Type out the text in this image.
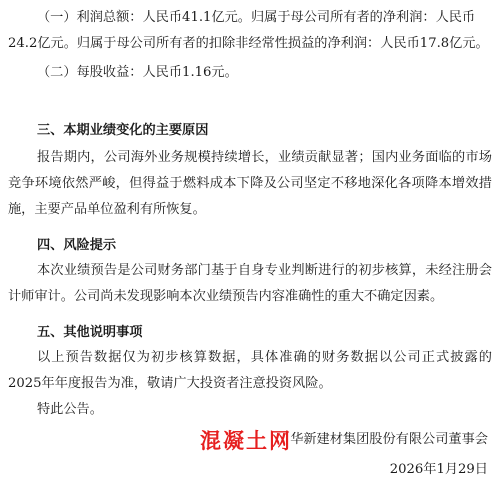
（一）利润总额：人民币41.1亿元。归属于母公司所有者的净利润：人民币

24.2亿元。归属于母公司所有者的扣除非经常性损益的净利润：人民币17.8亿元。

（二）每股收益：人民币1.16元。

三、本期业绩变化的主要原因

报告期内，公司海外业务规模持续增长，业绩贡献显著；国内业务面临的市场竞争环境依然严峻，但得益于燃料成本下降及公司坚定不移地深化各项降本增效措施，主要产品单位盈利有所恢复。

四、风险提示

本次业绩预告是公司财务部门基于自身专业判断进行的初步核算，未经注册会计师审计。公司尚未发现影响本次业绩预告内容准确性的重大不确定因素。

五、其他说明事项

以上预告数据仅为初步核算数据，具体准确的财务数据以公司正式披露的2025年年度报告为准，敬请广大投资者注意投资风险。

特此公告。

混凝土网

华新建材集团股份有限公司董事会

2026年1月29日
